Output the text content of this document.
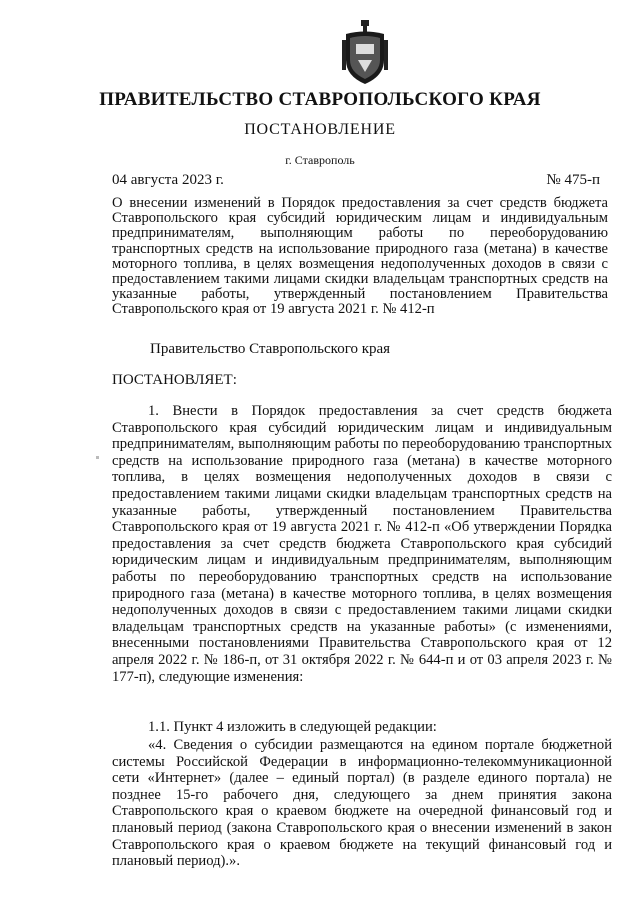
ПРАВИТЕЛЬСТВО СТАВРОПОЛЬСКОГО КРАЯ
ПОСТАНОВЛЕНИЕ
г. Ставрополь
04 августа 2023 г.	№ 475-п
О внесении изменений в Порядок предоставления за счет средств бюджета Ставропольского края субсидий юридическим лицам и индивидуальным предпринимателям, выполняющим работы по переоборудованию транспортных средств на использование природного газа (метана) в качестве моторного топлива, в целях возмещения недополученных доходов в связи с предоставлением такими лицами скидки владельцам транспортных средств на указанные работы, утвержденный постановлением Правительства Ставропольского края от 19 августа 2021 г. № 412-п
Правительство Ставропольского края
ПОСТАНОВЛЯЕТ:
1. Внести в Порядок предоставления за счет средств бюджета Ставропольского края субсидий юридическим лицам и индивидуальным предпринимателям, выполняющим работы по переоборудованию транспортных средств на использование природного газа (метана) в качестве моторного топлива, в целях возмещения недополученных доходов в связи с предоставлением такими лицами скидки владельцам транспортных средств на указанные работы, утвержденный постановлением Правительства Ставропольского края от 19 августа 2021 г. № 412-п «Об утверждении Порядка предоставления за счет средств бюджета Ставропольского края субсидий юридическим лицам и индивидуальным предпринимателям, выполняющим работы по переоборудованию транспортных средств на использование природного газа (метана) в качестве моторного топлива, в целях возмещения недополученных доходов в связи с предоставлением такими лицами скидки владельцам транспортных средств на указанные работы» (с изменениями, внесенными постановлениями Правительства Ставропольского края от 12 апреля 2022 г. № 186-п, от 31 октября 2022 г. № 644-п и от 03 апреля 2023 г. № 177-п), следующие изменения:
1.1. Пункт 4 изложить в следующей редакции:
«4. Сведения о субсидии размещаются на едином портале бюджетной системы Российской Федерации в информационно-телекоммуникационной сети «Интернет» (далее – единый портал) (в разделе единого портала) не позднее 15-го рабочего дня, следующего за днем принятия закона Ставропольского края о краевом бюджете на очередной финансовый год и плановый период (закона Ставропольского края о внесении изменений в закон Ставропольского края о краевом бюджете на текущий финансовый год и плановый период).».
